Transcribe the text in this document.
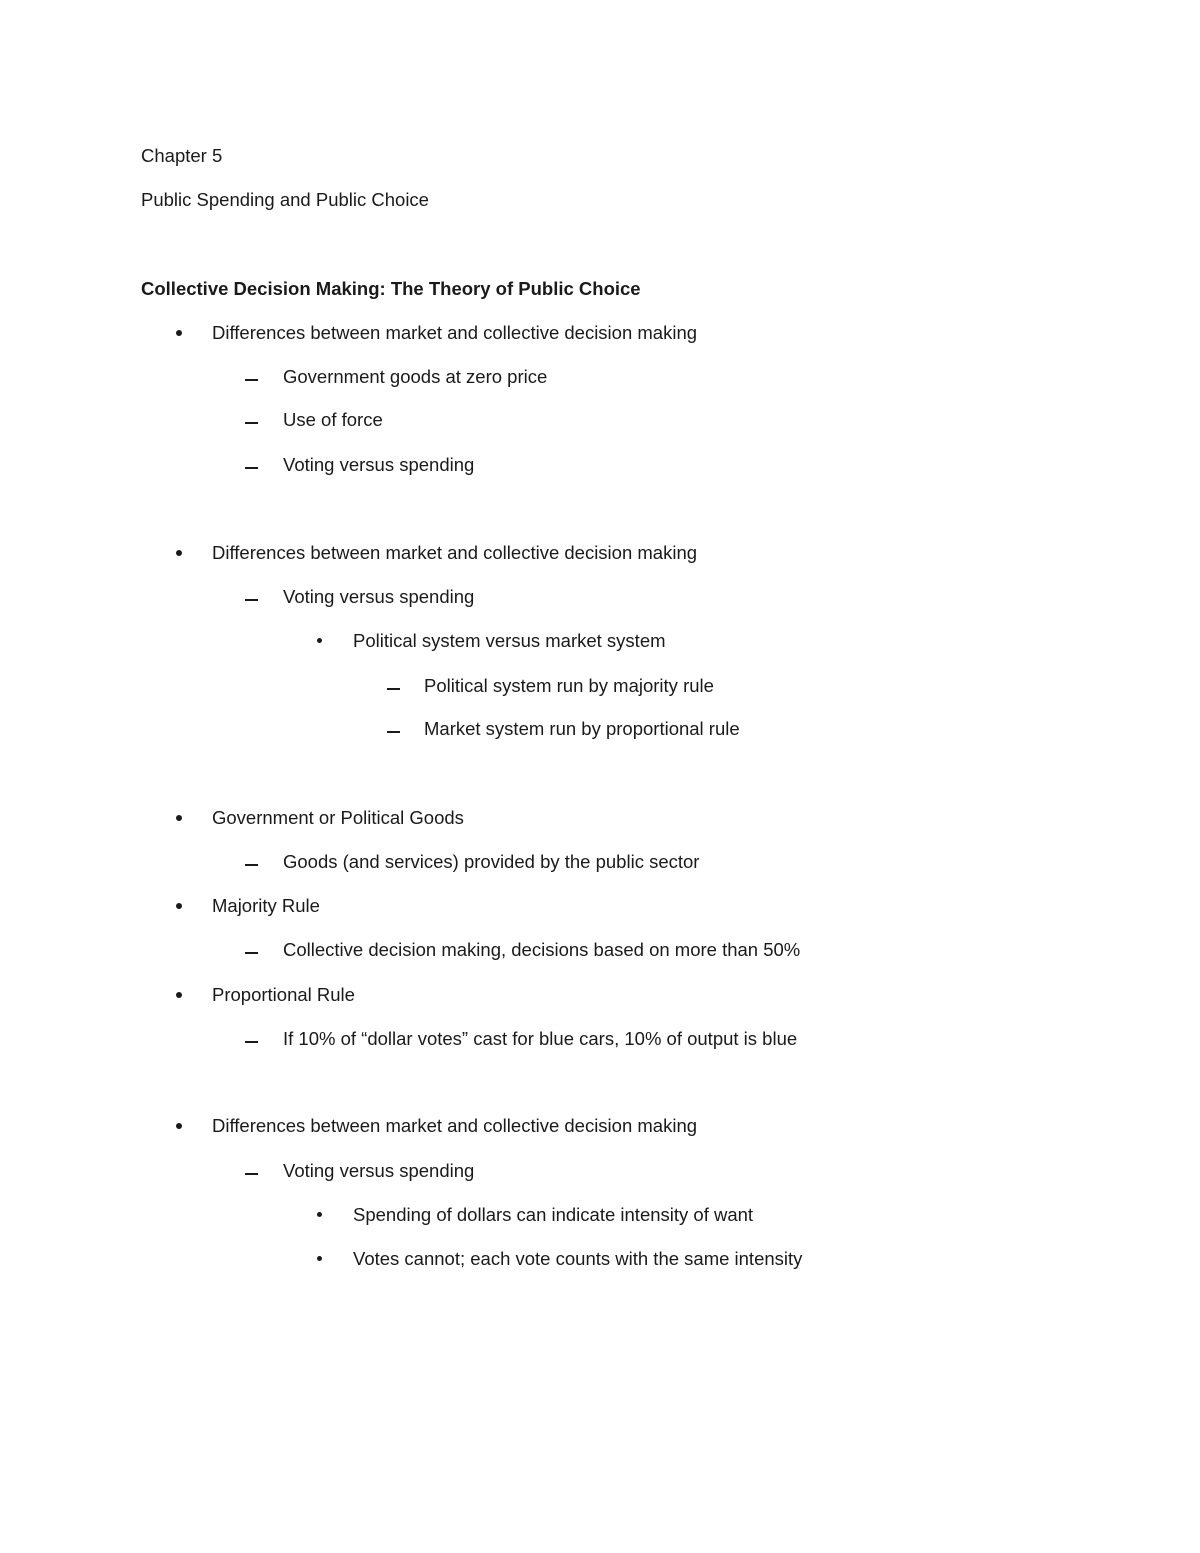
Chapter 5
Public Spending and Public Choice
Collective Decision Making: The Theory of Public Choice
Differences between market and collective decision making
Government goods at zero price
Use of force
Voting versus spending
Differences between market and collective decision making
Voting versus spending
Political system versus market system
Political system run by majority rule
Market system run by proportional rule
Government or Political Goods
Goods (and services) provided by the public sector
Majority Rule
Collective decision making, decisions based on more than 50%
Proportional Rule
If 10% of “dollar votes” cast for blue cars, 10% of output is blue
Differences between market and collective decision making
Voting versus spending
Spending of dollars can indicate intensity of want
Votes cannot; each vote counts with the same intensity
